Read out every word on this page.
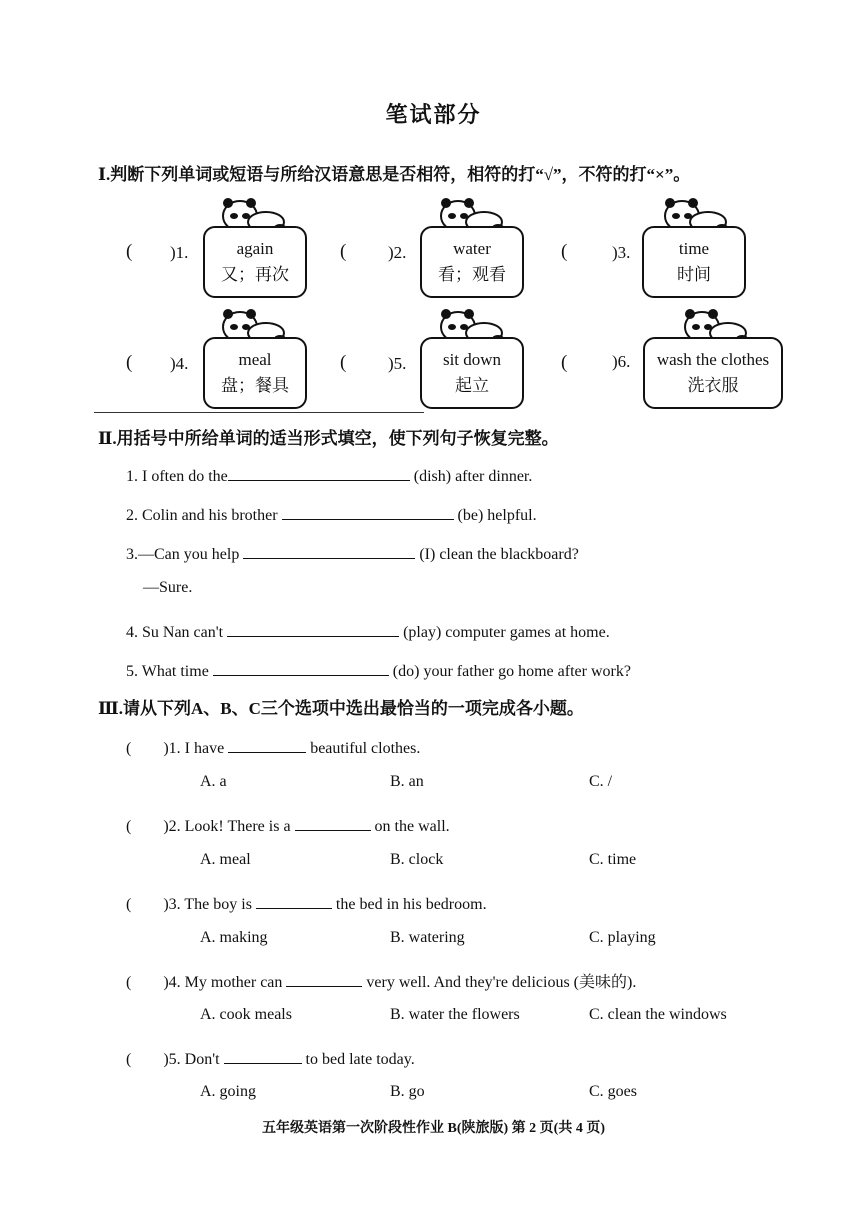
笔试部分
Ⅰ.判断下列单词或短语与所给汉语意思是否相符，相符的打“√”，不符的打“×”。
( )1.	again
又；再次
( )2.	water
看；观看
(	)3.	time
时间
( )4.	meal
盘；餐具
( )5.	sit down
起立
(	)6.	wash the clothes
洗衣服
Ⅱ.用括号中所给单词的适当形式填空，使下列句子恢复完整。
1. I often do the	(dish) after dinner.
2. Colin and his brother	(be) helpful.
3.—Can you help	(I) clean the blackboard?
—Sure.
4. Su Nan can't	(play) computer games at home.
5. What time	(do) your father go home after work?
Ⅲ.请从下列A、B、C三个选项中选出最恰当的一项完成各小题。
(        )1. I have	beautiful clothes.
A. a	B. an	C. /
(        )2. Look! There is a	on the wall.
A. meal	B. clock	C. time
(        )3. The boy is	the bed in his bedroom.
A. making	B. watering	C. playing
(        )4. My mother can	very well. And they're delicious (美味的).
A. cook meals	B. water the flowers	C. clean the windows
(        )5. Don't	to bed late today.
A. going	B. go	C. goes
五年级英语第一次阶段性作业 B(陕旅版) 第 2 页(共 4 页)
